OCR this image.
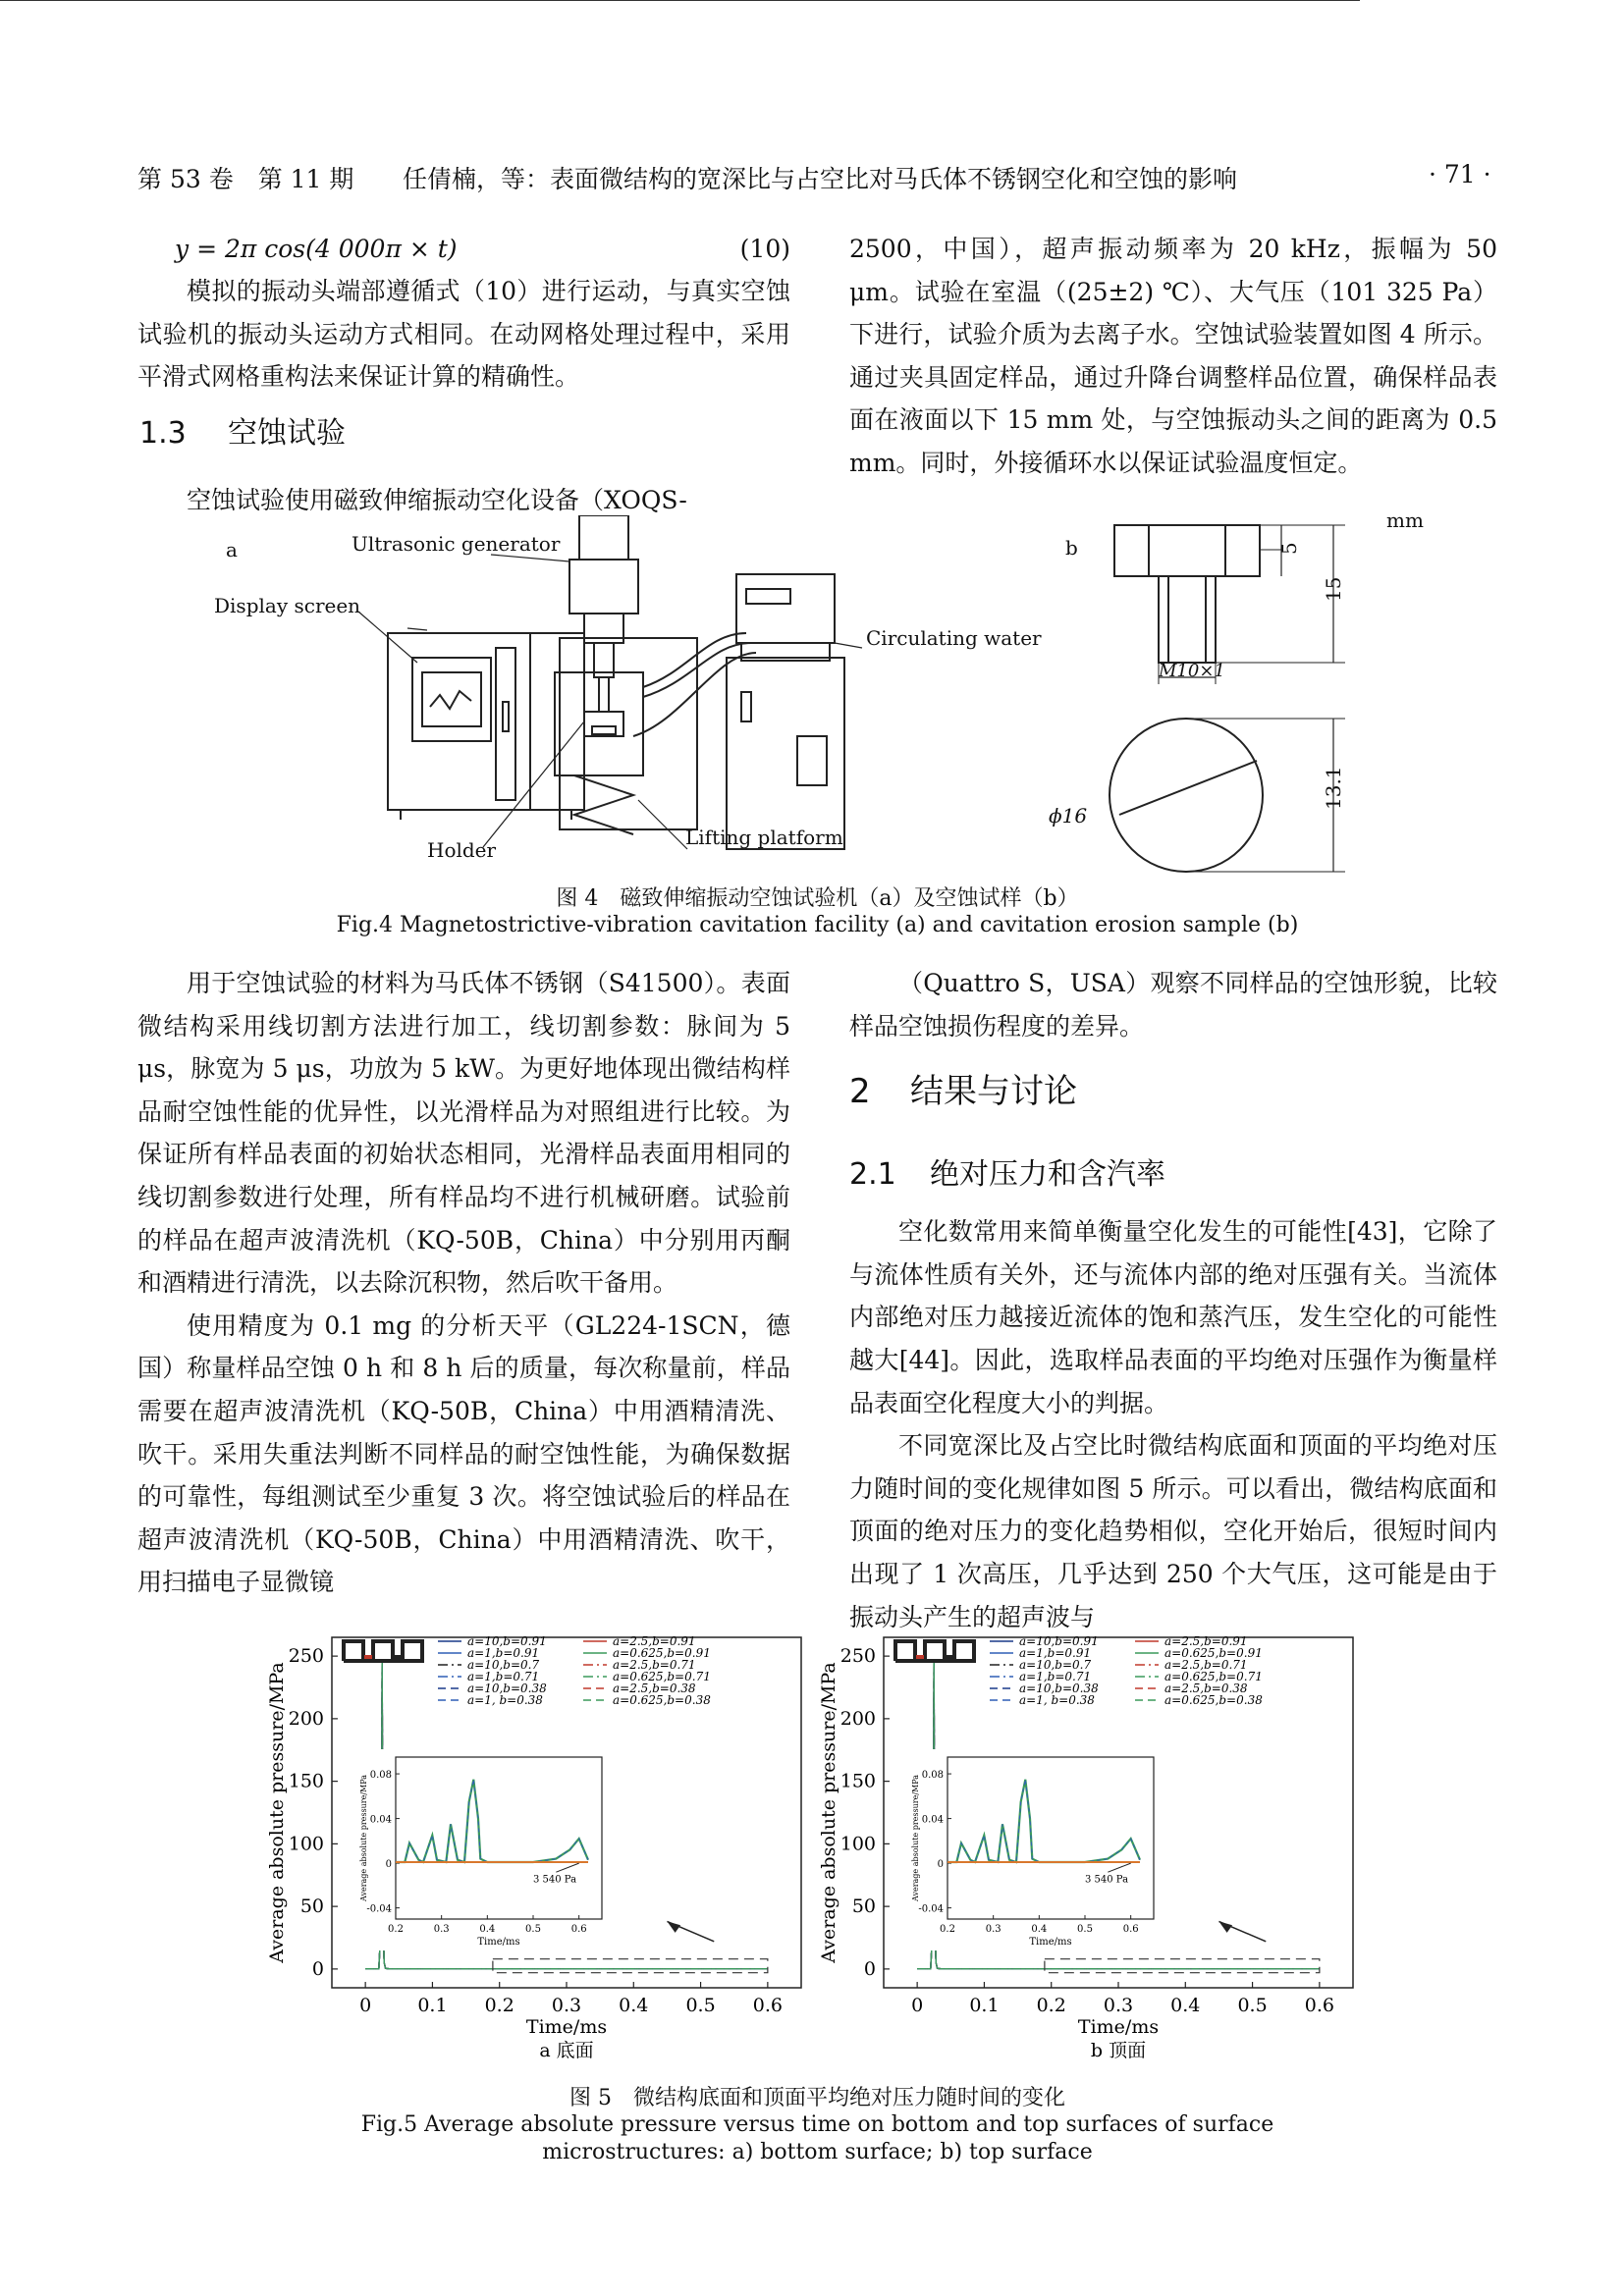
第 53 卷　第 11 期 任倩楠，等：表面微结构的宽深比与占空比对马氏体不锈钢空化和空蚀的影响	· 71 ·
y = 2π cos(4 000π × t)	(10)

模拟的振动头端部遵循式（10）进行运动，与真实空蚀试验机的振动头运动方式相同。在动网格处理过程中，采用平滑式网格重构法来保证计算的精确性。

1.3 空蚀试验

空蚀试验使用磁致伸缩振动空化设备（XOQS-

2500，中国），超声振动频率为 20 kHz，振幅为 50 μm。试验在室温（(25±2) ℃）、大气压（101 325 Pa）下进行，试验介质为去离子水。空蚀试验装置如图 4 所示。通过夹具固定样品，通过升降台调整样品位置，确保样品表面在液面以下 15 mm 处，与空蚀振动头之间的距离为 0.5 mm。同时，外接循环水以保证试验温度恒定。

a	Ultrasonic generator
Display screen
Circulating water
Holder
Lifting platform
b
mm
5
15
M10×1
ϕ16
13.1
图 4　磁致伸缩振动空蚀试验机（a）及空蚀试样（b）
Fig.4 Magnetostrictive-vibration cavitation facility (a) and cavitation erosion sample (b)

用于空蚀试验的材料为马氏体不锈钢（S41500）。表面微结构采用线切割方法进行加工，线切割参数：脉间为 5 μs，脉宽为 5 μs，功放为 5 kW。为更好地体现出微结构样品耐空蚀性能的优异性，以光滑样品为对照组进行比较。为保证所有样品表面的初始状态相同，光滑样品表面用相同的线切割参数进行处理，所有样品均不进行机械研磨。试验前的样品在超声波清洗机（KQ-50B，China）中分别用丙酮和酒精进行清洗，以去除沉积物，然后吹干备用。

使用精度为 0.1 mg 的分析天平（GL224-1SCN，德国）称量样品空蚀 0 h 和 8 h 后的质量，每次称量前，样品需要在超声波清洗机（KQ-50B，China）中用酒精清洗、吹干。采用失重法判断不同样品的耐空蚀性能，为确保数据的可靠性，每组测试至少重复 3 次。将空蚀试验后的样品在超声波清洗机（KQ-50B，China）中用酒精清洗、吹干，用扫描电子显微镜

（Quattro S，USA）观察不同样品的空蚀形貌，比较样品空蚀损伤程度的差异。

2 结果与讨论
2.1 绝对压力和含汽率

空化数常用来简单衡量空化发生的可能性[43]，它除了与流体性质有关外，还与流体内部的绝对压强有关。当流体内部绝对压力越接近流体的饱和蒸汽压，发生空化的可能性越大[44]。因此，选取样品表面的平均绝对压强作为衡量样品表面空化程度大小的判据。

不同宽深比及占空比时微结构底面和顶面的平均绝对压力随时间的变化规律如图 5 所示。可以看出，微结构底面和顶面的绝对压力的变化趋势相似，空化开始后，很短时间内出现了 1 次高压，几乎达到 250 个大气压，这可能是由于振动头产生的超声波与

0 0.1 0.2 0.3 0.4 0.5 0.6
0
50
100
150
200
250
Time/ms
Average absolute pressure/MPa
a 底面
a=10,b=0.91	a=2.5,b=0.91
a=1,b=0.91	a=0.625,b=0.91
a=10,b=0.7	a=2.5,b=0.71
a=1,b=0.71	a=0.625,b=0.71
a=10,b=0.38	a=2.5,b=0.38
a=1, b=0.38	a=0.625,b=0.38
0.2	0.3	0.4	0.5	0.6
-0.04
0
0.04
0.08
Time/ms
Average absolute pressure/MPa	3 540 Pa
0 0.1 0.2 0.3 0.4 0.5 0.6
0
50
100
150
200
250
Time/ms
Average absolute pressure/MPa
b 顶面
a=10,b=0.91	a=2.5,b=0.91
a=1,b=0.91	a=0.625,b=0.91
a=10,b=0.7	a=2.5,b=0.71
a=1,b=0.71	a=0.625,b=0.71
a=10,b=0.38	a=2.5,b=0.38
a=1, b=0.38	a=0.625,b=0.38
0.2	0.3	0.4	0.5	0.6
-0.04
0
0.04
0.08
Time/ms
Average absolute pressure/MPa	3 540 Pa
图 5　微结构底面和顶面平均绝对压力随时间的变化
Fig.5 Average absolute pressure versus time on bottom and top surfaces of surface
microstructures: a) bottom surface; b) top surface
